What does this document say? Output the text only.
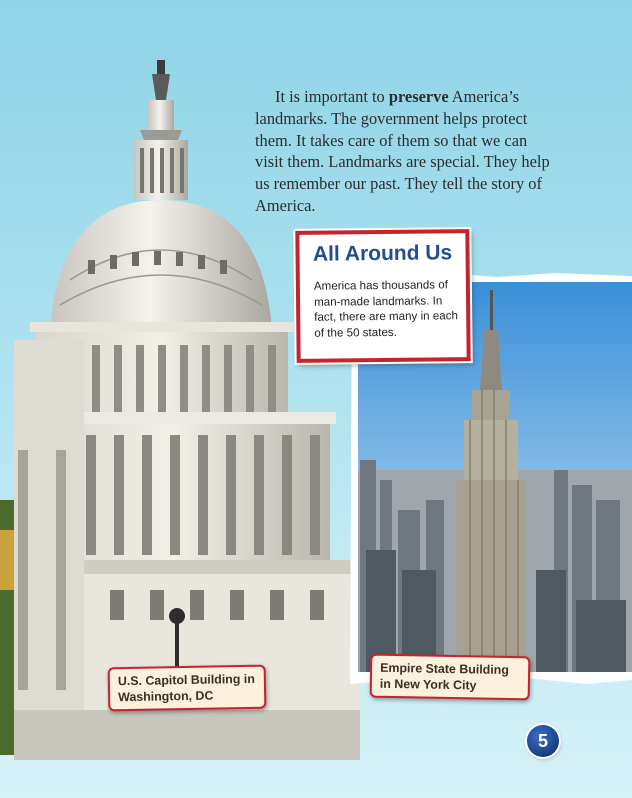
It is important to preserve America’s landmarks. The government helps protect them. It takes care of them so that we can visit them. Landmarks are special. They help us remember our past. They tell the story of America.

All Around Us
America has thousands of man-made landmarks. In fact, there are many in each of the 50 states.
U.S. Capitol Building in Washington, DC
Empire State Building in New York City
5
